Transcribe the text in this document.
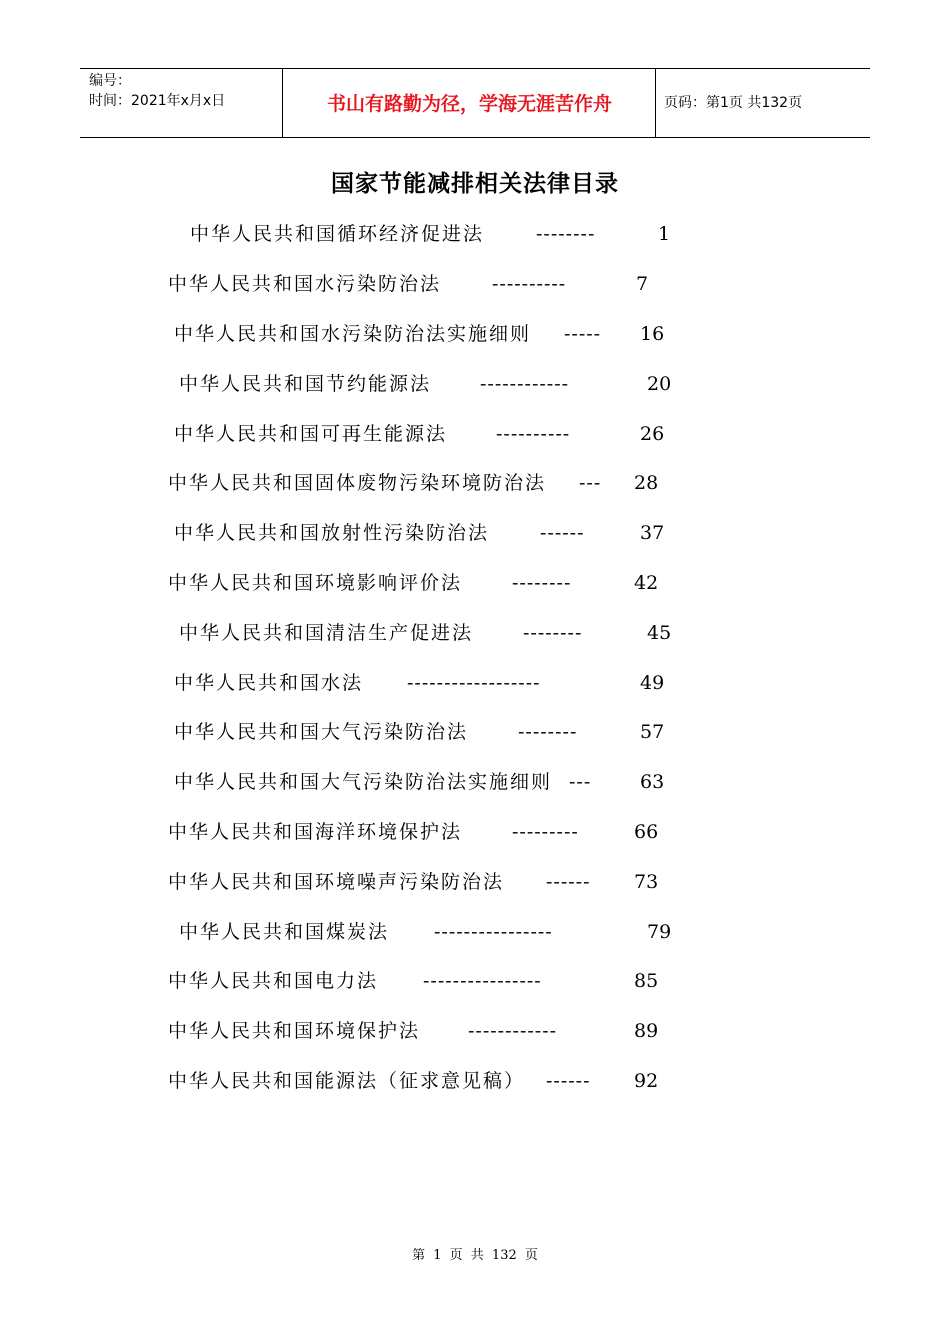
编号：
时间：2021年x月x日	书山有路勤为径，学海无涯苦作舟	页码：第1页 共132页
国家节能减排相关法律目录
中华人民共和国循环经济促进法	--------	1
中华人民共和国水污染防治法	----------	7
中华人民共和国水污染防治法实施细则 ----- 16
中华人民共和国节约能源法	------------	20
中华人民共和国可再生能源法	----------	26
中华人民共和国固体废物污染环境防治法 --- 28
中华人民共和国放射性污染防治法	------	37
中华人民共和国环境影响评价法	--------	42
中华人民共和国清洁生产促进法	--------	45
中华人民共和国水法 ------------------	49
中华人民共和国大气污染防治法	--------	57
中华人民共和国大气污染防治法实施细则 ---	63
中华人民共和国海洋环境保护法	---------	66
中华人民共和国环境噪声污染防治法 ------ 73
中华人民共和国煤炭法 ----------------	79
中华人民共和国电力法 ----------------	85
中华人民共和国环境保护法	------------	89
中华人民共和国能源法（征求意见稿） ------ 92
第 1 页 共 132 页
